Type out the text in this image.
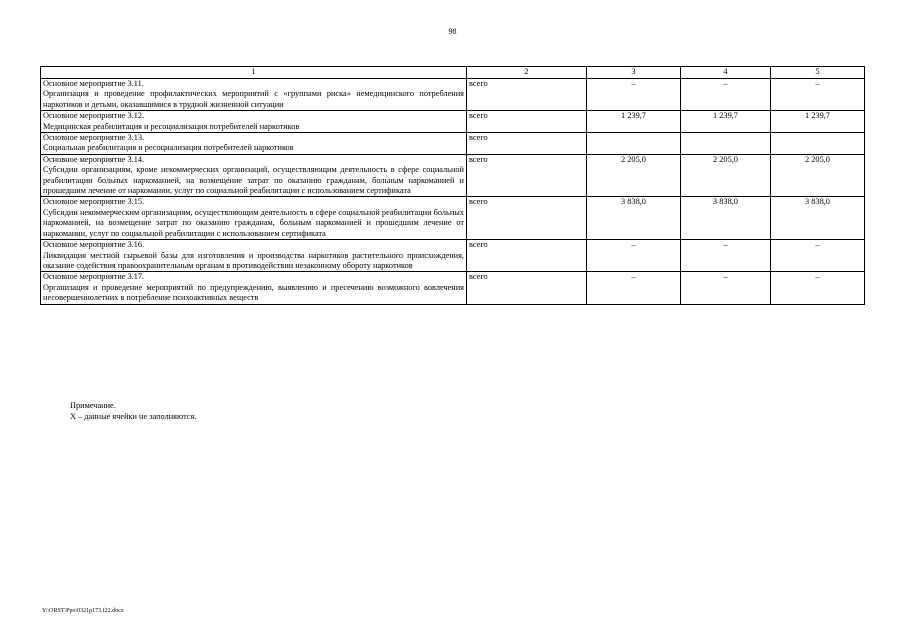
98
1	2	3	4	5

Основное мероприятие 3.11.
Организация и проведение профилактических мероприятий с «группами риска» немедицинского потребления наркотиков и детьми, оказавшимися в трудной жизненной ситуации	всего	–	–	–

Основное мероприятие 3.12.
Медицинская реабилитация и ресоциализация потребителей наркотиков	всего	1 239,7	1 239,7	1 239,7

Основное мероприятие 3.13.
Социальная реабилитация и ресоциализация потребителей наркотиков	всего			

Основное мероприятие 3.14.
Субсидии организациям, кроме некоммерческих организаций, осуществляющим деятельность в сфере социальной реабилитации больных наркоманией, на возмещение затрат по оказанию гражданам, больным наркоманией и прошедшим лечение от наркомании, услуг по социальной реабилитации с использованием сертификата	всего	2 205,0	2 205,0	2 205,0

Основное мероприятие 3.15.
Субсидии некоммерческим организациям, осуществляющим деятельность в сфере социальной реабилитации больных наркоманией, на возмещение затрат по оказанию гражданам, больным наркоманией и прошедшим лечение от наркомании, услуг по социальной реабилитации с использованием сертификата	всего	3 838,0	3 838,0	3 838,0

Основное мероприятие 3.16.
Ликвидация местной сырьевой базы для изготовления и производства наркотиков растительного происхождения, оказание содействия правоохранительным органам в противодействии незаконному обороту наркотиков	всего	–	–	–

Основное мероприятие 3.17.
Организация и проведение мероприятий по предупреждению, выявлению и пресечению возможного вовлечения несовершеннолетних в потребление психоактивных веществ	всего	–	–	–
Примечание.
Х – данные ячейки не заполняются.
Y:\ORST\Ppo\0321p173.f22.docx
